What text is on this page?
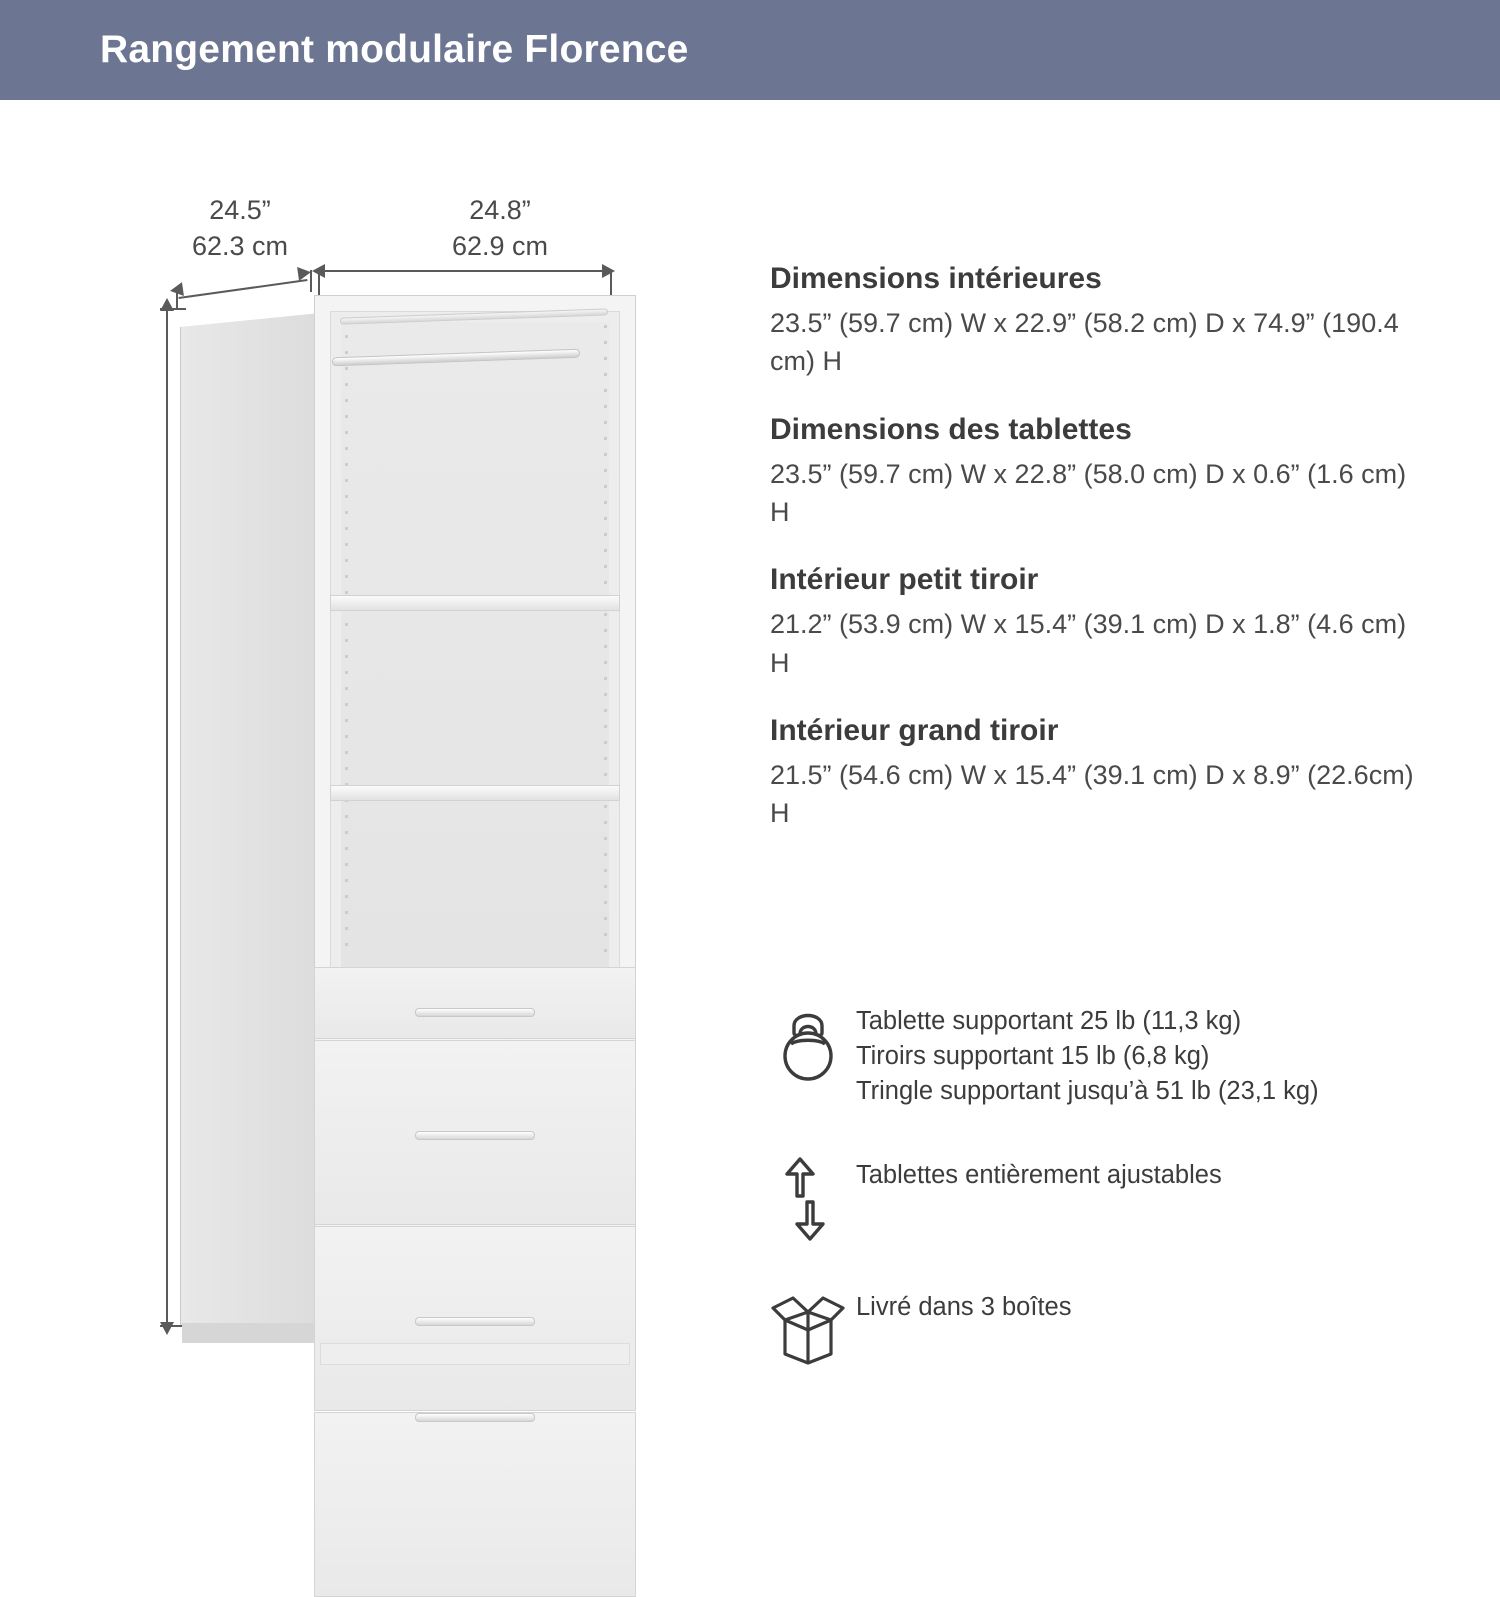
Rangement modulaire Florence
24.5”
62.3 cm
24.8”
62.9 cm
Dimensions intérieures
23.5” (59.7 cm) W x 22.9” (58.2 cm) D x 74.9” (190.4 cm) H
Dimensions des tablettes
23.5” (59.7 cm) W x 22.8” (58.0 cm) D x 0.6” (1.6 cm) H
Intérieur petit tiroir
21.2” (53.9 cm) W x 15.4” (39.1 cm) D x 1.8” (4.6 cm) H
Intérieur grand tiroir
21.5” (54.6 cm) W x 15.4” (39.1 cm) D x 8.9” (22.6cm) H
Tablette supportant 25 lb (11,3 kg)
Tiroirs supportant 15 lb (6,8 kg)
Tringle supportant jusqu’à 51 lb (23,1 kg)
Tablettes entièrement ajustables
Livré dans 3 boîtes
